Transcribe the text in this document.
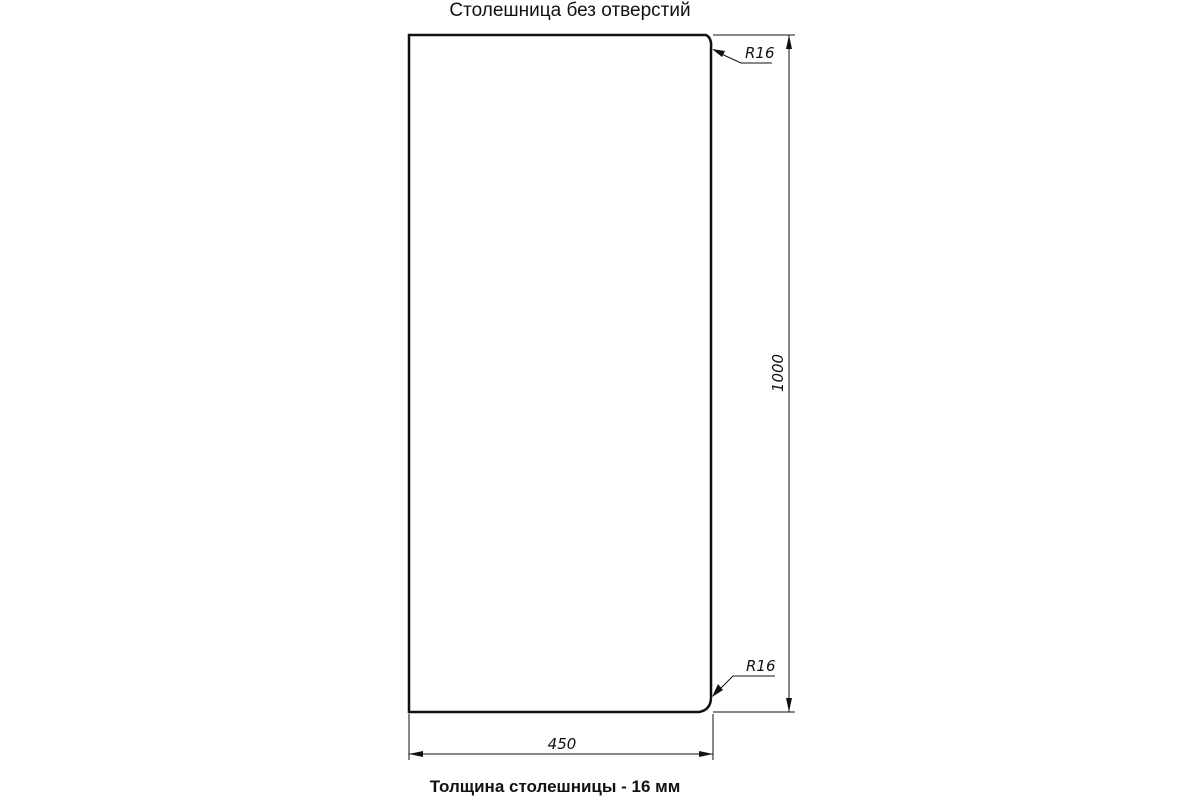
Столешница без отверстий
1000
450
R16
R16
Толщина столешницы - 16 мм
